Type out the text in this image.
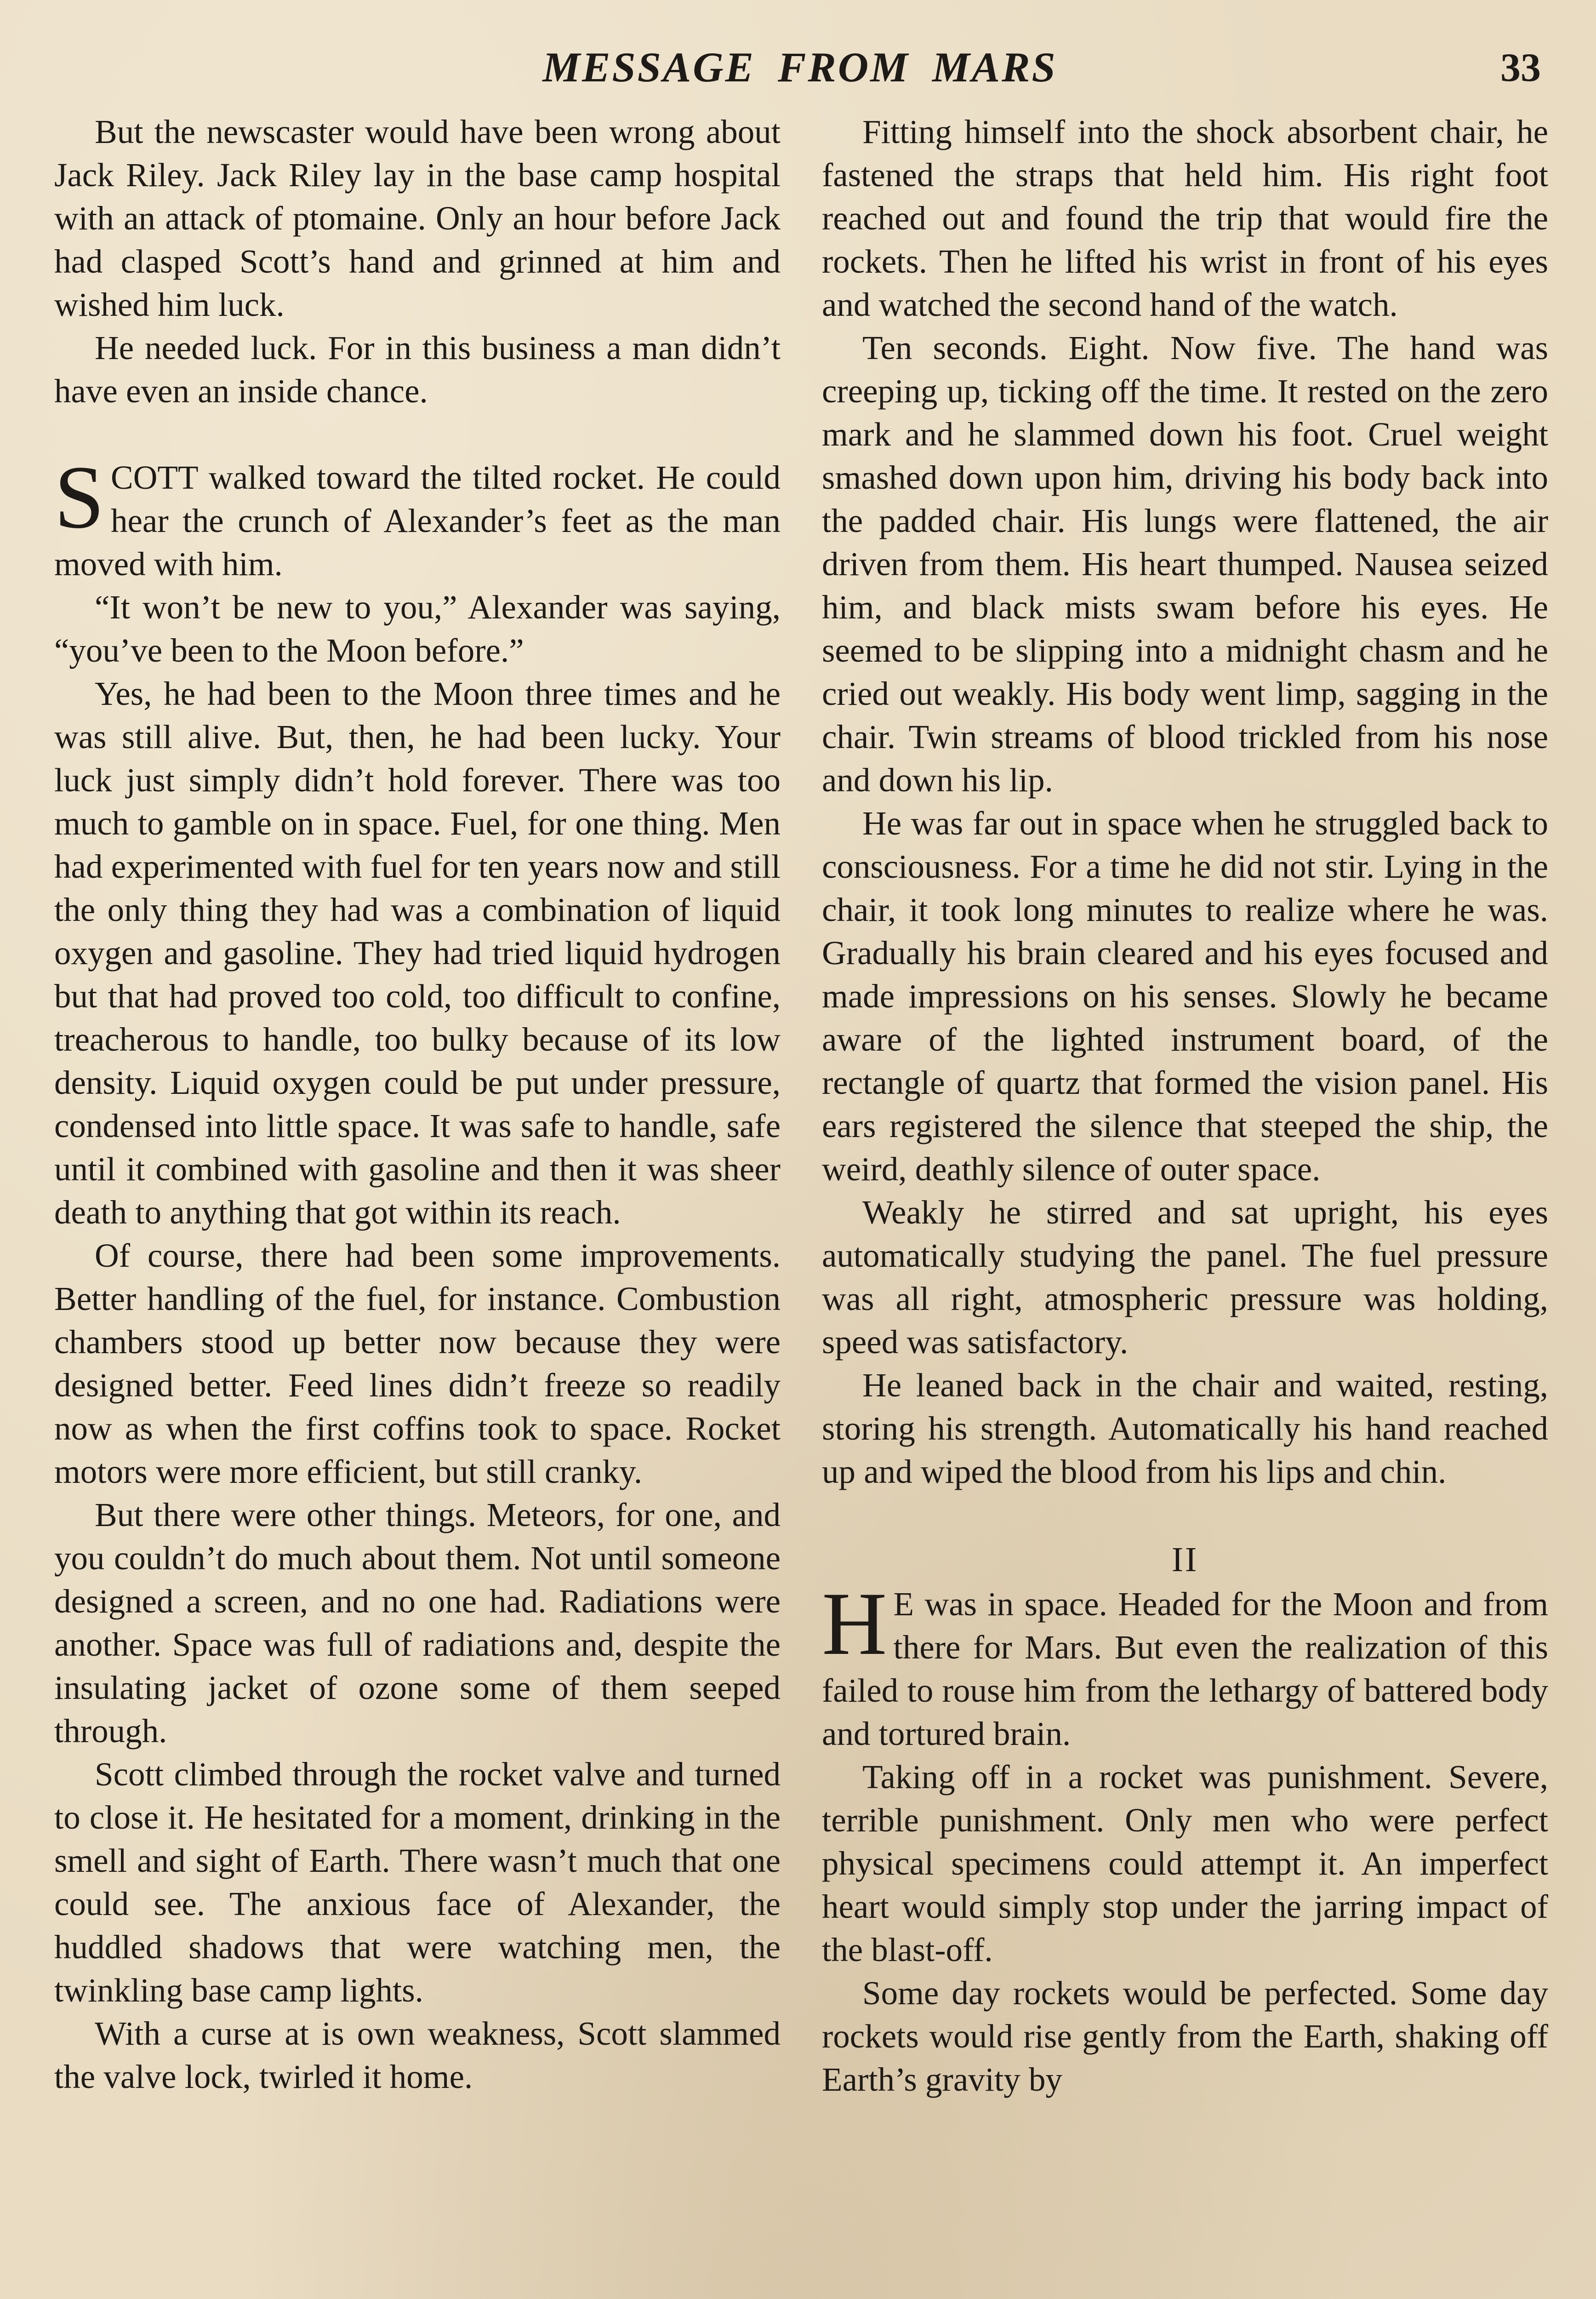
MESSAGE FROM MARS	33

But the newscaster would have been wrong about Jack Riley. Jack Riley lay in the base camp hospital with an attack of ptomaine. Only an hour before Jack had clasped Scott’s hand and grinned at him and wished him luck.

He needed luck. For in this business a man didn’t have even an inside chance.

SCOTT walked toward the tilted rocket. He could hear the crunch of Alexander’s feet as the man moved with him.

“It won’t be new to you,” Alexander was saying, “you’ve been to the Moon before.”

Yes, he had been to the Moon three times and he was still alive. But, then, he had been lucky. Your luck just simply didn’t hold forever. There was too much to gamble on in space. Fuel, for one thing. Men had experimented with fuel for ten years now and still the only thing they had was a combination of liquid oxygen and gasoline. They had tried liquid hydrogen but that had proved too cold, too difficult to confine, treacherous to handle, too bulky because of its low density. Liquid oxygen could be put under pressure, condensed into little space. It was safe to handle, safe until it combined with gasoline and then it was sheer death to anything that got within its reach.

Of course, there had been some improvements. Better handling of the fuel, for instance. Combustion chambers stood up better now because they were designed better. Feed lines didn’t freeze so readily now as when the first coffins took to space. Rocket motors were more efficient, but still cranky.

But there were other things. Meteors, for one, and you couldn’t do much about them. Not until someone designed a screen, and no one had. Radiations were another. Space was full of radiations and, despite the insulating jacket of ozone some of them seeped through.

Scott climbed through the rocket valve and turned to close it. He hesitated for a moment, drinking in the smell and sight of Earth. There wasn’t much that one could see. The anxious face of Alexander, the huddled shadows that were watching men, the twinkling base camp lights.

With a curse at is own weakness, Scott slammed the valve lock, twirled it home.

Fitting himself into the shock absorbent chair, he fastened the straps that held him. His right foot reached out and found the trip that would fire the rockets. Then he lifted his wrist in front of his eyes and watched the second hand of the watch.

Ten seconds. Eight. Now five. The hand was creeping up, ticking off the time. It rested on the zero mark and he slammed down his foot. Cruel weight smashed down upon him, driving his body back into the padded chair. His lungs were flattened, the air driven from them. His heart thumped. Nausea seized him, and black mists swam before his eyes. He seemed to be slipping into a midnight chasm and he cried out weakly. His body went limp, sagging in the chair. Twin streams of blood trickled from his nose and down his lip.

He was far out in space when he struggled back to consciousness. For a time he did not stir. Lying in the chair, it took long minutes to realize where he was. Gradually his brain cleared and his eyes focused and made impressions on his senses. Slowly he became aware of the lighted instrument board, of the rectangle of quartz that formed the vision panel. His ears registered the silence that steeped the ship, the weird, deathly silence of outer space.

Weakly he stirred and sat upright, his eyes automatically studying the panel. The fuel pressure was all right, atmospheric pressure was holding, speed was satisfactory.

He leaned back in the chair and waited, resting, storing his strength. Automatically his hand reached up and wiped the blood from his lips and chin.

II

H E was in space. Headed for the Moon and from there for Mars. But even the realization of this failed to rouse him from the lethargy of battered body and tortured brain.

Taking off in a rocket was punishment. Severe, terrible punishment. Only men who were perfect physical specimens could attempt it. An imperfect heart would simply stop under the jarring impact of the blast-off.

Some day rockets would be perfected. Some day rockets would rise gently from the Earth, shaking off Earth’s gravity by
